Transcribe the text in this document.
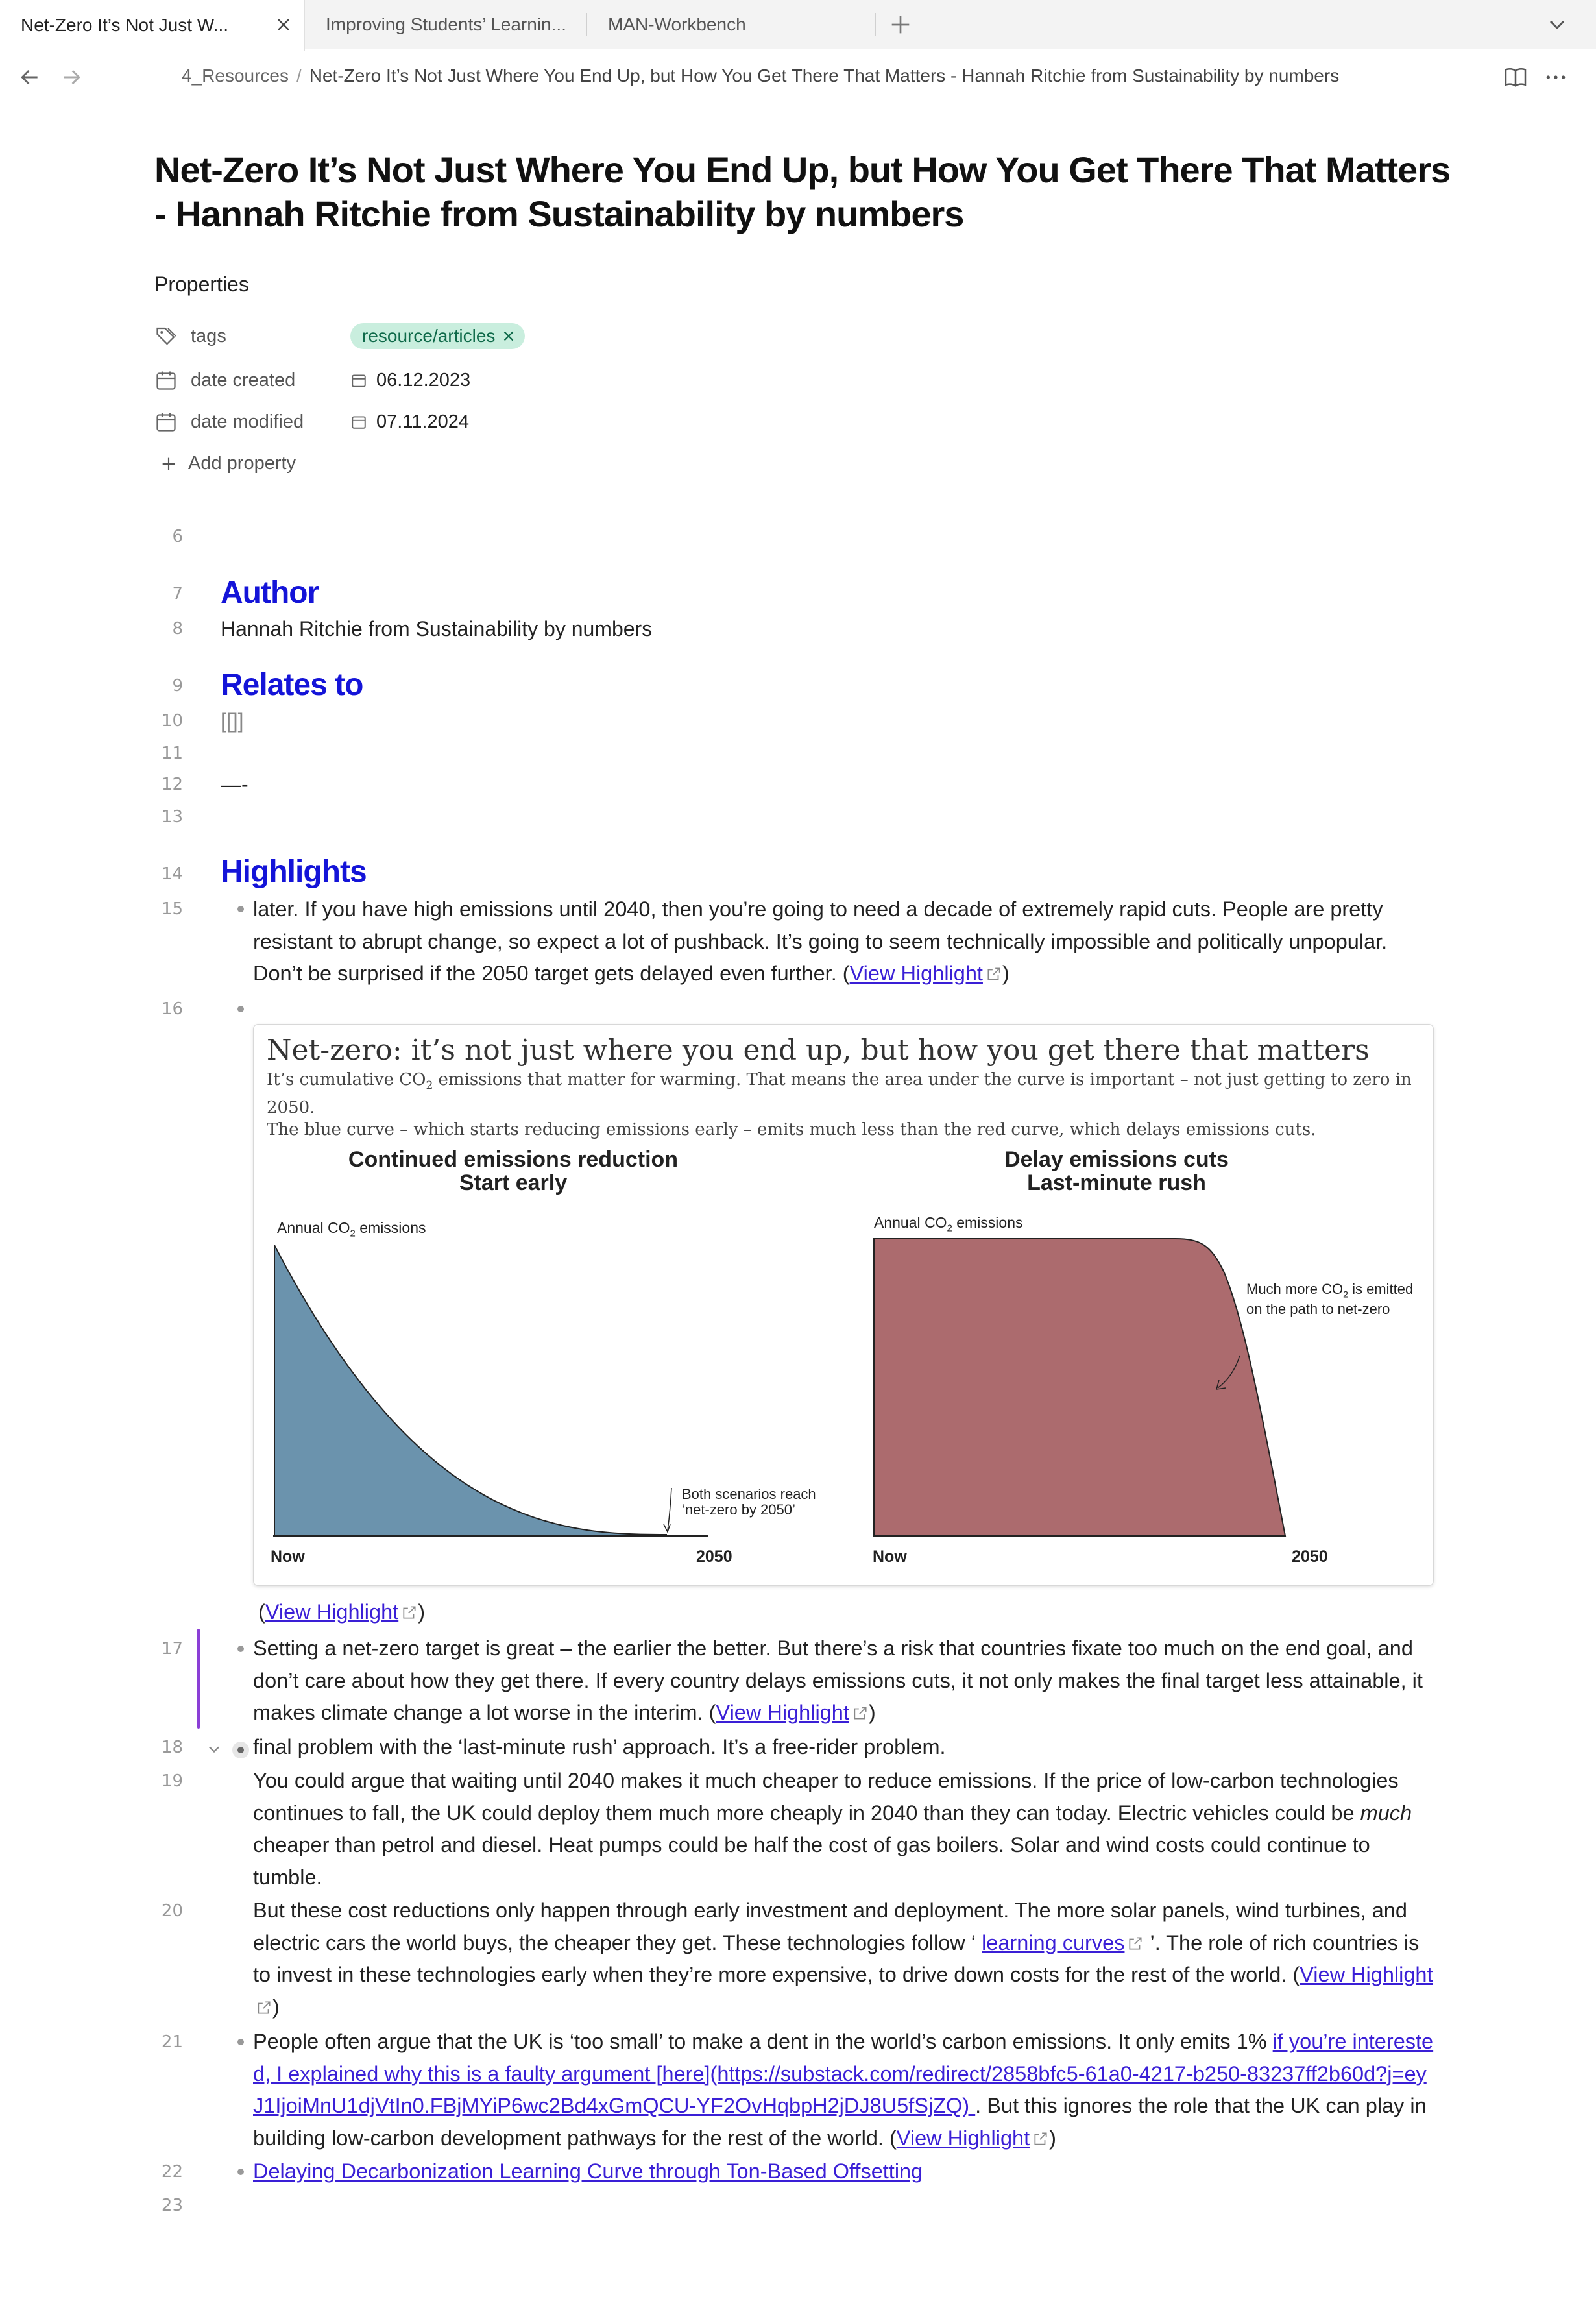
Net-Zero It’s Not Just W...	Improving Students’ Learnin... MAN-Workbench
4_Resources / Net-Zero It’s Not Just Where You End Up, but How You Get There That Matters - Hannah Ritchie from Sustainability by numbers
Net-Zero It’s Not Just Where You End Up, but How You Get There That Matters - Hannah Ritchie from Sustainability by numbers
Properties
tags	resource/articles
date created	06.12.2023
date modified	07.11.2024
Add property
6
7
8
9
10
11
12
13
14
15
16
17
18
19
20
21
22
23
Author
Hannah Ritchie from Sustainability by numbers
Relates to
[[]]
—-
Highlights
later. If you have high emissions until 2040, then you’re going to need a decade of extremely rapid cuts. People are pretty resistant to abrupt change, so expect a lot of pushback. It’s going to seem technically impossible and politically unpopular. Don’t be surprised if the 2050 target gets delayed even further. (View Highlight )
Net-zero: it’s not just where you end up, but how you get there that matters
It’s cumulative $CO_2$ emissions that matter for warming. That means the area under the curve is important – not just getting to zero in 2050.
The blue curve – which starts reducing emissions early – emits much less than the red curve, which delays emissions cuts.
Continued emissions reduction
Start early
Annual $CO_2$ emissions
Both scenarios reach
‘net-zero by 2050’
Now	2050
Delay emissions cuts
Last-minute rush
Annual $CO_2$ emissions
Much more $CO_2$ is emitted
on the path to net-zero
Now	2050
(View Highlight )
Setting a net-zero target is great – the earlier the better. But there’s a risk that countries fixate too much on the end goal, and don’t care about how they get there. If every country delays emissions cuts, it not only makes the final target less attainable, it makes climate change a lot worse in the interim. (View Highlight )
final problem with the ‘last-minute rush’ approach. It’s a free-rider problem.
You could argue that waiting until 2040 makes it much cheaper to reduce emissions. If the price of low-carbon technologies continues to fall, the UK could deploy them much more cheaply in 2040 than they can today. Electric vehicles could be much cheaper than petrol and diesel. Heat pumps could be half the cost of gas boilers. Solar and wind costs could continue to tumble.
But these cost reductions only happen through early investment and deployment. The more solar panels, wind turbines, and electric cars the world buys, the cheaper they get. These technologies follow ‘ learning curves ’. The role of rich countries is to invest in these technologies early when they’re more expensive, to drive down costs for the rest of the world. (View Highlight)
People often argue that the UK is ‘too small’ to make a dent in the world’s carbon emissions. It only emits 1% if you’re interested, I explained why this is a faulty argument [here](https://substack.com/redirect/2858bfc5-61a0-4217-b250-83237ff2b60d?j=eyJ1IjoiMnU1djVtIn0.FBjMYiP6wc2Bd4xGmQCU-YF2OvHqbpH2jDJ8U5fSjZQ) . But this ignores the role that the UK can play in building low-carbon development pathways for the rest of the world. (View Highlight )
Delaying Decarbonization Learning Curve through Ton-Based Offsetting
